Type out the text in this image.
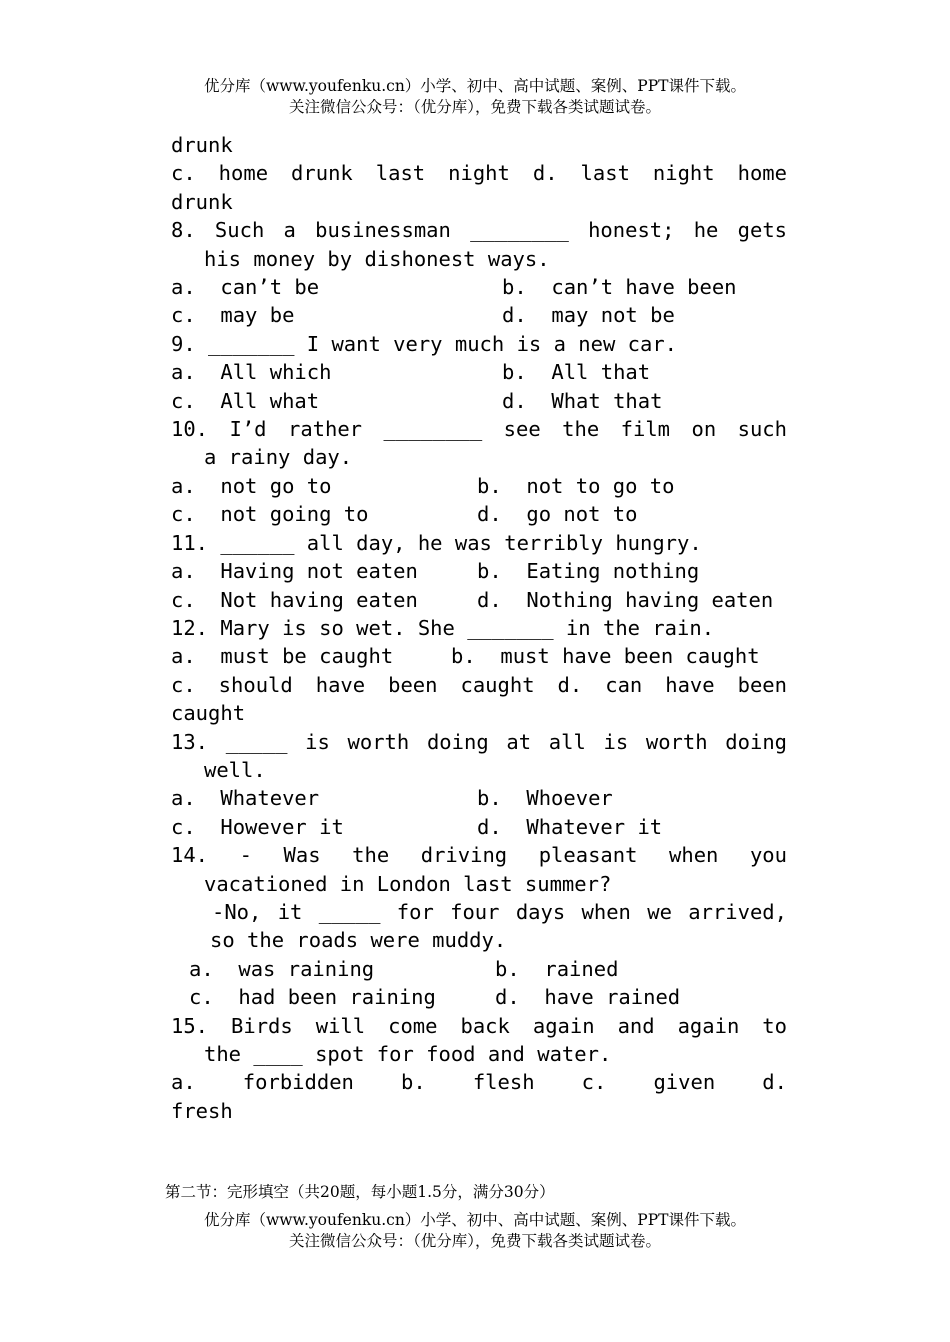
优分库（www.youfenku.cn）小学、初中、高中试题、案例、PPT课件下载。
关注微信公众号：（优分库），免费下载各类试题试卷。
drunk
c. home drunk last night d. last night home
drunk
8. Such a businessman ________ honest; he gets
his money by dishonest ways.
a.  can’t be	b.  can’t have been
c.  may be	d.  may not be
9. _______ I want very much is a new car.
a.  All which	b.  All that
c.  All what	d.  What that
10. I’d rather ________ see the film on such
a rainy day.
a.  not go to	b.  not to go to
c.  not going to	d.  go not to
11. ______ all day, he was terribly hungry.
a.  Having not eaten	b.  Eating nothing
c.  Not having eaten	d.  Nothing having eaten
12. Mary is so wet. She _______ in the rain.
a.  must be caught	b.  must have been caught
c. should have been caught d. can have been
caught
13. _____ is worth doing at all is worth doing
well.
a.  Whatever	b.  Whoever
c.  However it	d.  Whatever it
14. - Was the driving pleasant when you
vacationed in London last summer?
-No, it _____ for four days when we arrived,
so the roads were muddy.
a.  was raining	b.  rained
c.  had been raining	d.  have rained
15. Birds will come back again and again to
the ____ spot for food and water.
a. forbidden b. flesh c. given d.
fresh
第二节：完形填空（共20题，每小题1.5分，满分30分）
优分库（www.youfenku.cn）小学、初中、高中试题、案例、PPT课件下载。
关注微信公众号：（优分库），免费下载各类试题试卷。
